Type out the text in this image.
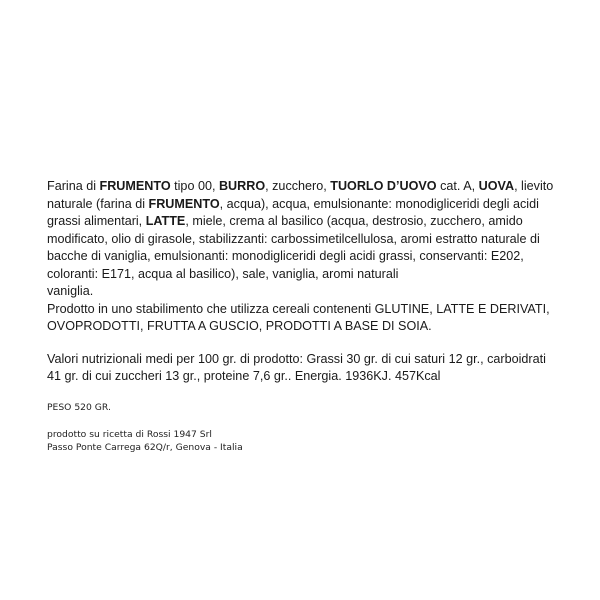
Farina di FRUMENTO tipo 00, BURRO, zucchero, TUORLO D’UOVO cat. A, UOVA, lievito naturale (farina di FRUMENTO, acqua), acqua, emulsionante: monodigliceridi degli acidi grassi alimentari, LATTE, miele, crema al basilico (acqua, destrosio, zucchero, amido modificato, olio di girasole, stabilizzanti: carbossimetilcellulosa, aromi estratto naturale di bacche di vaniglia, emulsionanti: monodigliceridi degli acidi grassi, conservanti: E202, coloranti: E171, acqua al basilico), sale, vaniglia, aromi naturali
vaniglia.
Prodotto in uno stabilimento che utilizza cereali contenenti GLUTINE, LATTE E DERIVATI, OVOPRODOTTI, FRUTTA A GUSCIO, PRODOTTI A BASE DI SOIA.

Valori nutrizionali medi per 100 gr. di prodotto: Grassi 30 gr. di cui saturi 12 gr., carboidrati 41 gr. di cui zuccheri 13 gr., proteine 7,6 gr.. Energia. 1936KJ. 457Kcal

PESO 520 GR.

prodotto su ricetta di Rossi 1947 Srl

Passo Ponte Carrega 62Q/r, Genova - Italia
